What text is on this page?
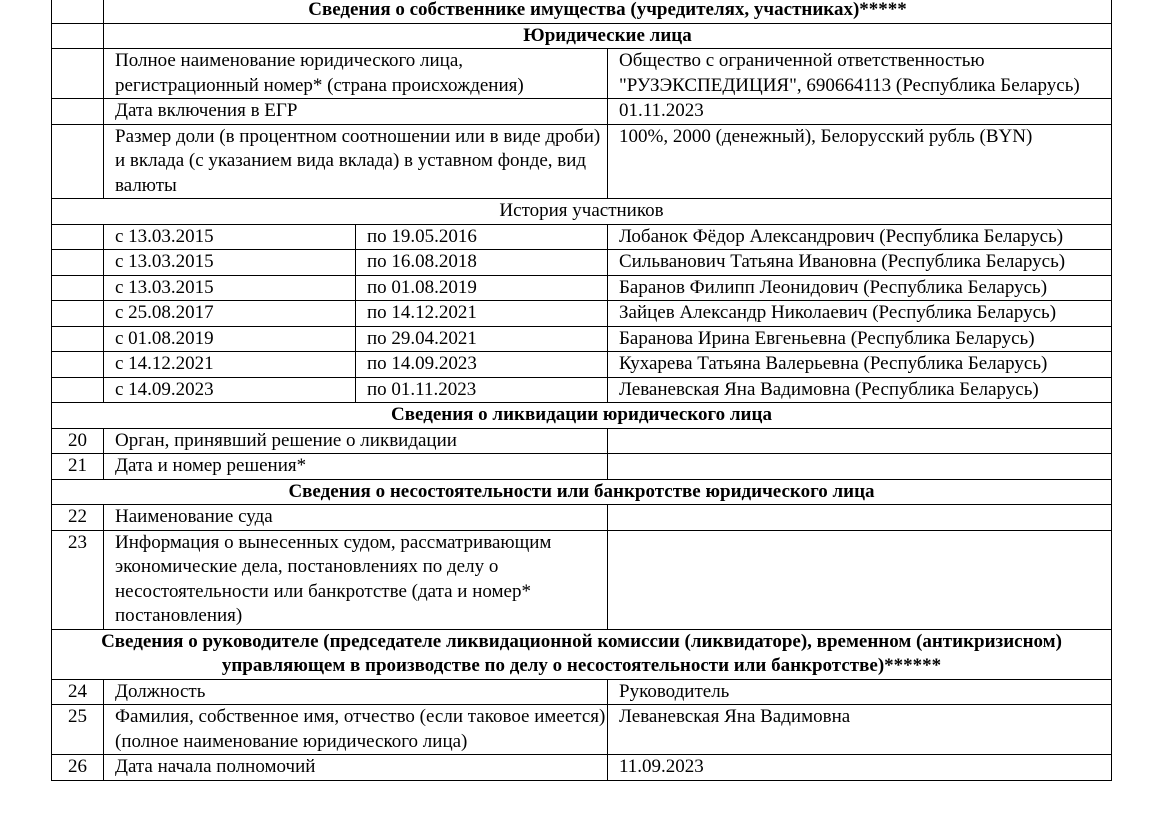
	Сведения о собственнике имущества (учредителях, участниках)*****		
	Юридические лица		
	Полное наименование юридического лица, регистрационный номер* (страна происхождения)		Общество с ограниченной ответственностью "РУЗЭКСПЕДИЦИЯ", 690664113 (Республика Беларусь)
	Дата включения в ЕГР		01.11.2023
	Размер доли (в процентном соотношении или в виде дроби) и вклада (с указанием вида вклада) в уставном фонде, вид валюты		100%, 2000 (денежный), Белорусский рубль (BYN)
История участников			
	с 13.03.2015	по 19.05.2016	Лобанок Фёдор Александрович (Республика Беларусь)
	с 13.03.2015	по 16.08.2018	Сильванович Татьяна Ивановна (Республика Беларусь)
	с 13.03.2015	по 01.08.2019	Баранов Филипп Леонидович (Республика Беларусь)
	с 25.08.2017	по 14.12.2021	Зайцев Александр Николаевич (Республика Беларусь)
	с 01.08.2019	по 29.04.2021	Баранова Ирина Евгеньевна (Республика Беларусь)
	с 14.12.2021	по 14.09.2023	Кухарева Татьяна Валерьевна (Республика Беларусь)
	с 14.09.2023	по 01.11.2023	Леваневская Яна Вадимовна (Республика Беларусь)
Сведения о ликвидации юридического лица			
20	Орган, принявший решение о ликвидации		
21	Дата и номер решения*		
Сведения о несостоятельности или банкротстве юридического лица			
22	Наименование суда		
23	Информация о вынесенных судом, рассматривающим экономические дела, постановлениях по делу о несостоятельности или банкротстве (дата и номер* постановления)		
Сведения о руководителе (председателе ликвидационной комиссии (ликвидаторе), временном (антикризисном) управляющем в производстве по делу о несостоятельности или банкротстве)******			
24	Должность		Руководитель
25	Фамилия, собственное имя, отчество (если таковое имеется) (полное наименование юридического лица)		Леваневская Яна Вадимовна
26	Дата начала полномочий		11.09.2023
